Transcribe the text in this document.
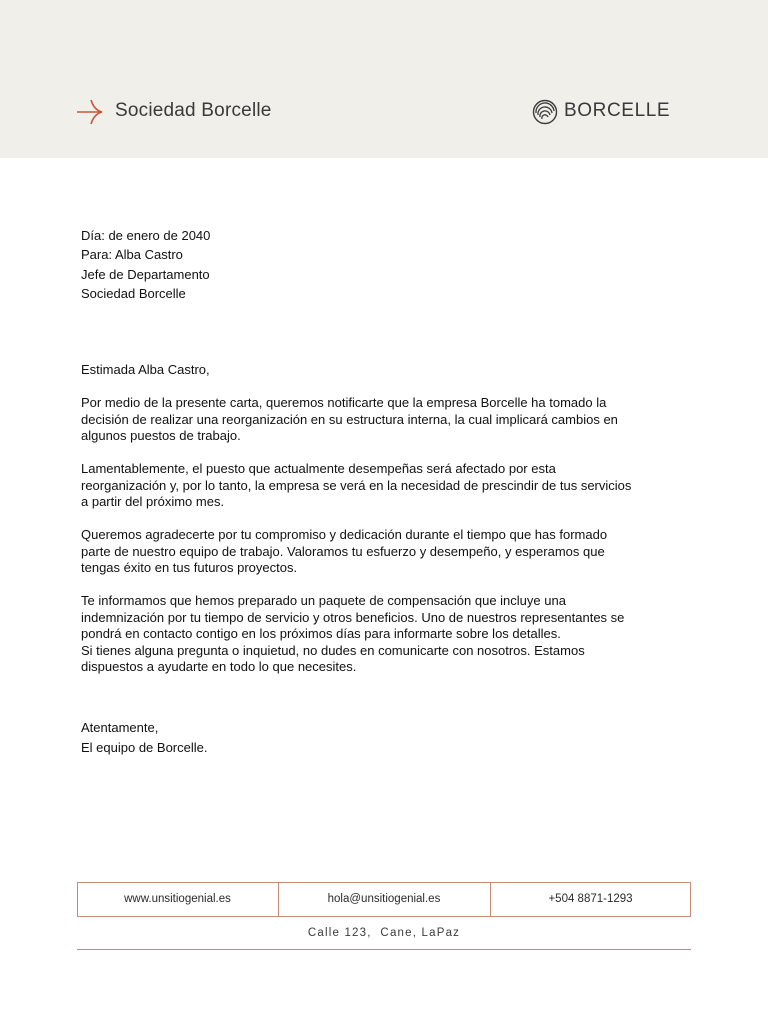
Sociedad Borcelle	BORCELLE
Día: de enero de 2040
Para: Alba Castro
Jefe de Departamento
Sociedad Borcelle
Estimada Alba Castro,
Por medio de la presente carta, queremos notificarte que la empresa Borcelle ha tomado la
decisión de realizar una reorganización en su estructura interna, la cual implicará cambios en
algunos puestos de trabajo.
Lamentablemente, el puesto que actualmente desempeñas será afectado por esta
reorganización y, por lo tanto, la empresa se verá en la necesidad de prescindir de tus servicios
a partir del próximo mes.
Queremos agradecerte por tu compromiso y dedicación durante el tiempo que has formado
parte de nuestro equipo de trabajo. Valoramos tu esfuerzo y desempeño, y esperamos que
tengas éxito en tus futuros proyectos.
Te informamos que hemos preparado un paquete de compensación que incluye una
indemnización por tu tiempo de servicio y otros beneficios. Uno de nuestros representantes se
pondrá en contacto contigo en los próximos días para informarte sobre los detalles.
Si tienes alguna pregunta o inquietud, no dudes en comunicarte con nosotros. Estamos
dispuestos a ayudarte en todo lo que necesites.
Atentamente,
El equipo de Borcelle.
www.unsitiogenial.es	hola@unsitiogenial.es	+504 8871-1293
Calle 123,  Cane, LaPaz
